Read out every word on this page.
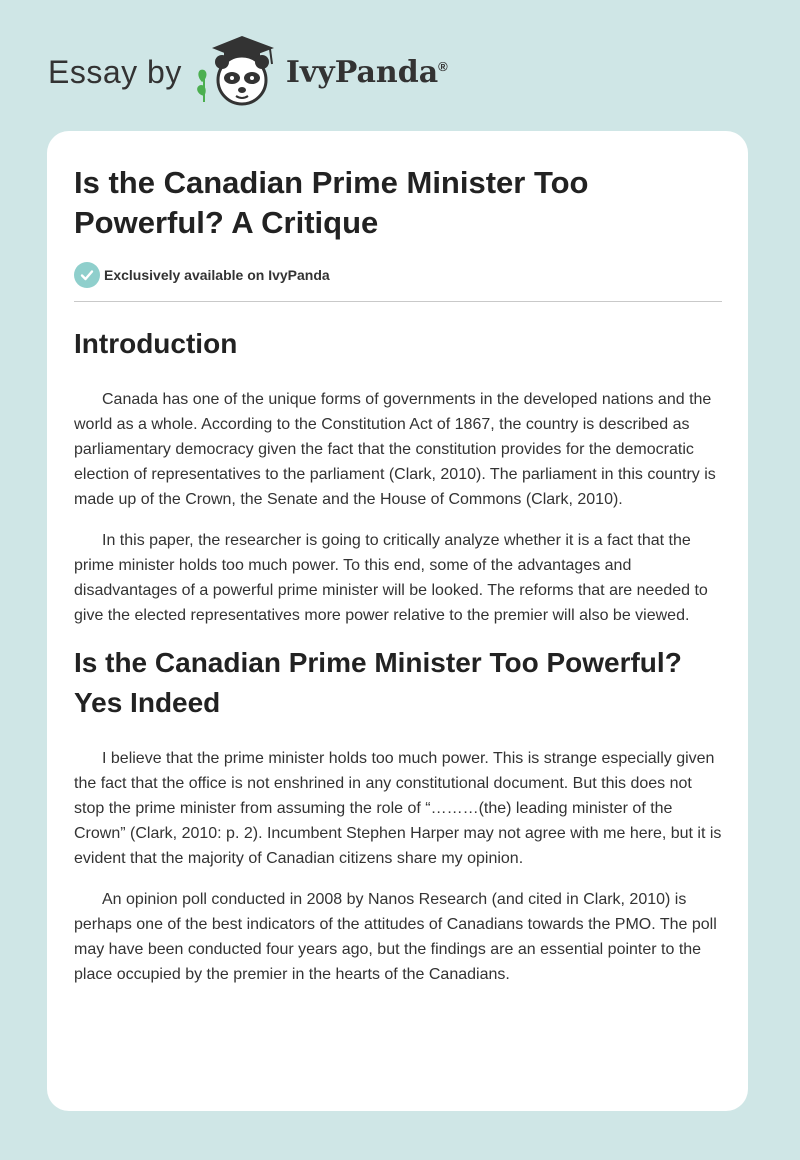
Essay by	IvyPanda®
Is the Canadian Prime Minister Too Powerful? A Critique
Exclusively available on IvyPanda
Introduction

Canada has one of the unique forms of governments in the developed nations and the world as a whole. According to the Constitution Act of 1867, the country is described as parliamentary democracy given the fact that the constitution provides for the democratic election of representatives to the parliament (Clark, 2010). The parliament in this country is made up of the Crown, the Senate and the House of Commons (Clark, 2010).

In this paper, the researcher is going to critically analyze whether it is a fact that the prime minister holds too much power. To this end, some of the advantages and disadvantages of a powerful prime minister will be looked. The reforms that are needed to give the elected representatives more power relative to the premier will also be viewed.

Is the Canadian Prime Minister Too Powerful? Yes Indeed

I believe that the prime minister holds too much power. This is strange especially given the fact that the office is not enshrined in any constitutional document. But this does not stop the prime minister from assuming the role of “………(the) leading minister of the Crown” (Clark, 2010: p. 2). Incumbent Stephen Harper may not agree with me here, but it is evident that the majority of Canadian citizens share my opinion.

An opinion poll conducted in 2008 by Nanos Research (and cited in Clark, 2010) is perhaps one of the best indicators of the attitudes of Canadians towards the PMO. The poll may have been conducted four years ago, but the findings are an essential pointer to the place occupied by the premier in the hearts of the Canadians.
